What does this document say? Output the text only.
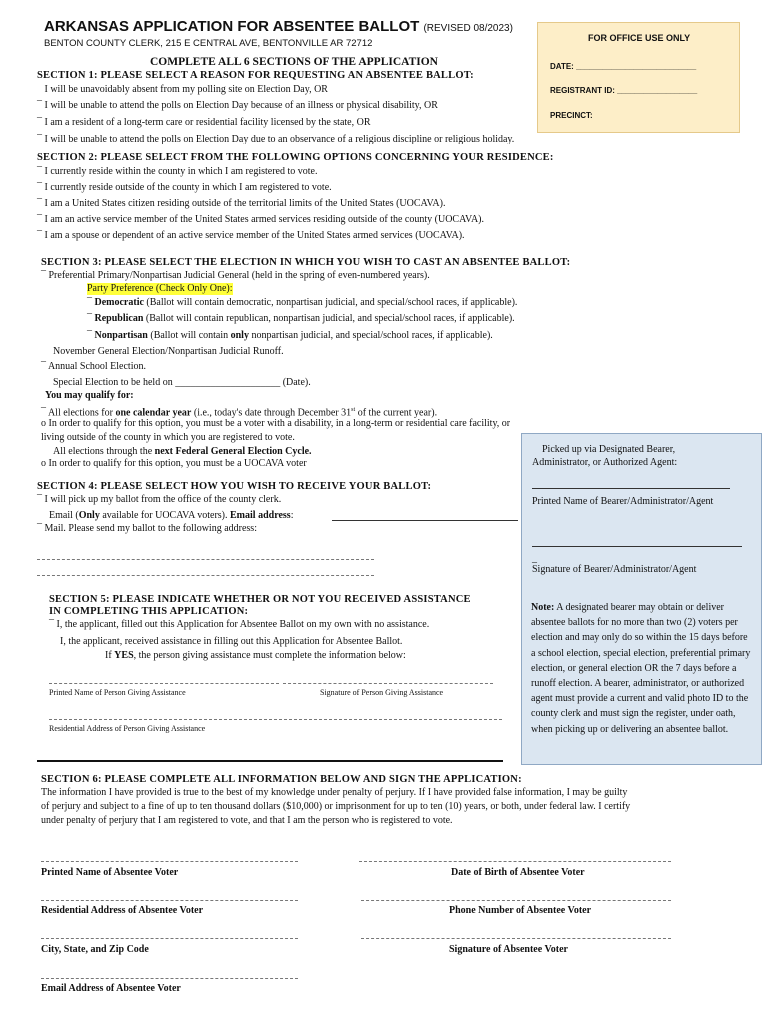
ARKANSAS APPLICATION FOR ABSENTEE BALLOT (REVISED 08/2023)
BENTON COUNTY CLERK, 215 E CENTRAL AVE, BENTONVILLE AR 72712
COMPLETE ALL 6 SECTIONS OF THE APPLICATION
FOR OFFICE USE ONLY
DATE: ___________________________
REGISTRANT ID: __________________
PRECINCT:
SECTION 1: PLEASE SELECT A REASON FOR REQUESTING AN ABSENTEE BALLOT:
I will be unavoidably absent from my polling site on Election Day, OR
¯ I will be unable to attend the polls on Election Day because of an illness or physical disability, OR
¯ I am a resident of a long-term care or residential facility licensed by the state, OR
¯ I will be unable to attend the polls on Election Day due to an observance of a religious discipline or religious holiday.
SECTION 2: PLEASE SELECT FROM THE FOLLOWING OPTIONS CONCERNING YOUR RESIDENCE:
¯ I currently reside within the county in which I am registered to vote.
¯ I currently reside outside of the county in which I am registered to vote.
¯ I am a United States citizen residing outside of the territorial limits of the United States (UOCAVA).
¯ I am an active service member of the United States armed services residing outside of the county (UOCAVA).
¯ I am a spouse or dependent of an active service member of the United States armed services (UOCAVA).
SECTION 3: PLEASE SELECT THE ELECTION IN WHICH YOU WISH TO CAST AN ABSENTEE BALLOT:
¯ Preferential Primary/Nonpartisan Judicial General (held in the spring of even-numbered years).
Party Preference (Check Only One):
¯ Democratic (Ballot will contain democratic, nonpartisan judicial, and special/school races, if applicable).
¯ Republican (Ballot will contain republican, nonpartisan judicial, and special/school races, if applicable).
¯ Nonpartisan (Ballot will contain only nonpartisan judicial, and special/school races, if applicable).
November General Election/Nonpartisan Judicial Runoff.
¯ Annual School Election.
Special Election to be held on _____________________ (Date).
You may qualify for:
¯ All elections for one calendar year (i.e., today's date through December 31st of the current year).
o In order to qualify for this option, you must be a voter with a disability, in a long-term or residential care facility, or
living outside of the county in which you are registered to vote.
All elections through the next Federal General Election Cycle.
o In order to qualify for this option, you must be a UOCAVA voter
Picked up via Designated Bearer,
Administrator, or Authorized Agent:
Printed Name of Bearer/Administrator/Agent
_
Signature of Bearer/Administrator/Agent
Note: A designated bearer may obtain or deliver absentee ballots for no more than two (2) voters per election and may only do so within the 15 days before a school election, special election, preferential primary election, or general election OR the 7 days before a runoff election. A bearer, administrator, or authorized agent must provide a current and valid photo ID to the county clerk and must sign the register, under oath, when picking up or delivering an absentee ballot.
SECTION 4: PLEASE SELECT HOW YOU WISH TO RECEIVE YOUR BALLOT:
¯ I will pick up my ballot from the office of the county clerk.
Email (Only available for UOCAVA voters). Email address:
¯ Mail. Please send my ballot to the following address:
SECTION 5: PLEASE INDICATE WHETHER OR NOT YOU RECEIVED ASSISTANCE
IN COMPLETING THIS APPLICATION:
¯ I, the applicant, filled out this Application for Absentee Ballot on my own with no assistance.
I, the applicant, received assistance in filling out this Application for Absentee Ballot.
If YES, the person giving assistance must complete the information below:
Printed Name of Person Giving Assistance	Signature of Person Giving Assistance
Residential Address of Person Giving Assistance
SECTION 6: PLEASE COMPLETE ALL INFORMATION BELOW AND SIGN THE APPLICATION:
The information I have provided is true to the best of my knowledge under penalty of perjury. If I have provided false information, I may be guilty
of perjury and subject to a fine of up to ten thousand dollars ($10,000) or imprisonment for up to ten (10) years, or both, under federal law. I certify
under penalty of perjury that I am registered to vote, and that I am the person who is registered to vote.
Printed Name of Absentee Voter	Date of Birth of Absentee Voter
Residential Address of Absentee Voter	Phone Number of Absentee Voter
City, State, and Zip Code	Signature of Absentee Voter
Email Address of Absentee Voter
